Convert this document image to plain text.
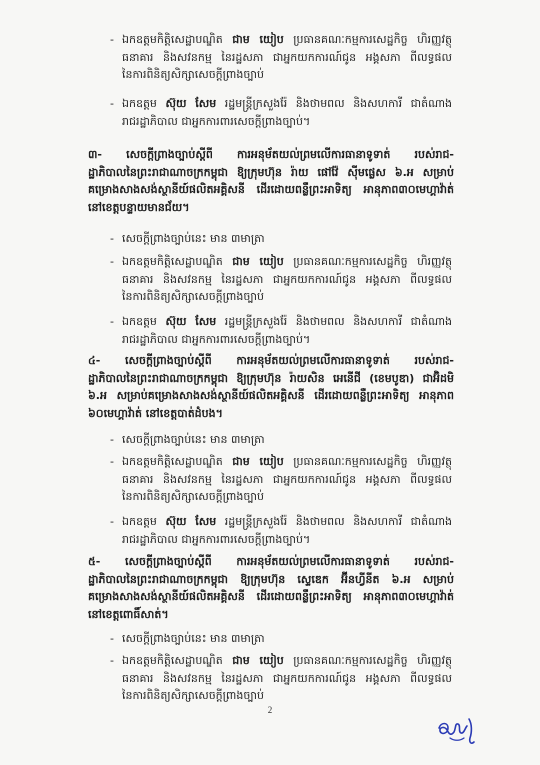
- ឯកឧត្តមកិត្តិសេដ្ឋាបណ្ឌិត ជាម យៀប ប្រធានគណៈកម្មការសេដ្ឋកិច្ច ហិរញ្ញវត្ថុ
ធនាគារ និងសវនកម្ម នៃរដ្ឋសភា ជាអ្នកយកការណ៍ជូន អង្គសភា ពីលទ្ធផល
នៃការពិនិត្យសិក្សាសេចក្តីព្រាងច្បាប់
- ឯកឧត្តម ស៊ុយ សែម រដ្ឋមន្ត្រីក្រសួងរ៉ែ និងថាមពល និងសហការី ជាតំណាង
រាជរដ្ឋាភិបាល ជាអ្នកការពារសេចក្តីព្រាងច្បាប់។
៣- សេចក្តីព្រាងច្បាប់ស្តីពី ការអនុម័តយល់ព្រមលើការធានាទូទាត់ របស់រាជ-
ដ្ឋាភិបាលនៃព្រះរាជាណាចក្រកម្ពុជា ឱ្យក្រុមហ៊ុន រ៉ាយ ផៅវ៉ែ ស៊ីមផ្លេស ៦.អ សម្រាប់
គម្រោងសាងសង់ស្ថានីយ៍ផលិតអគ្គិសនី ដើរដោយពន្លឺព្រះអាទិត្យ អានុភាព៣០មេហ្គាវ៉ាត់
នៅខេត្តបន្ទាយមានជ័យ។
- សេចក្តីព្រាងច្បាប់នេះ មាន ៣មាត្រា
- ឯកឧត្តមកិត្តិសេដ្ឋាបណ្ឌិត ជាម យៀប ប្រធានគណៈកម្មការសេដ្ឋកិច្ច ហិរញ្ញវត្ថុ
ធនាគារ និងសវនកម្ម នៃរដ្ឋសភា ជាអ្នកយកការណ៍ជូន អង្គសភា ពីលទ្ធផល
នៃការពិនិត្យសិក្សាសេចក្តីព្រាងច្បាប់
- ឯកឧត្តម ស៊ុយ សែម រដ្ឋមន្ត្រីក្រសួងរ៉ែ និងថាមពល និងសហការី ជាតំណាង
រាជរដ្ឋាភិបាល ជាអ្នកការពារសេចក្តីព្រាងច្បាប់។
៤- សេចក្តីព្រាងច្បាប់ស្តីពី ការអនុម័តយល់ព្រមលើការធានាទូទាត់ របស់រាជ-
ដ្ឋាភិបាលនៃព្រះរាជាណាចក្រកម្ពុជា ឱ្យក្រុមហ៊ុន រ៉ាយសិន អេនើជី (ខេមបូឌា) ជាអ៊ិដមិ
៦.អ សម្រាប់គម្រោងសាងសង់ស្ថានីយ៍ផលិតអគ្គិសនី ដើរដោយពន្លឺព្រះអាទិត្យ អានុភាព
៦០មេហ្គាវ៉ាត់ នៅខេត្តបាត់ដំបង។
- សេចក្តីព្រាងច្បាប់នេះ មាន ៣មាត្រា
- ឯកឧត្តមកិត្តិសេដ្ឋាបណ្ឌិត ជាម យៀប ប្រធានគណៈកម្មការសេដ្ឋកិច្ច ហិរញ្ញវត្ថុ
ធនាគារ និងសវនកម្ម នៃរដ្ឋសភា ជាអ្នកយកការណ៍ជូន អង្គសភា ពីលទ្ធផល
នៃការពិនិត្យសិក្សាសេចក្តីព្រាងច្បាប់
- ឯកឧត្តម ស៊ុយ សែម រដ្ឋមន្ត្រីក្រសួងរ៉ែ និងថាមពល និងសហការី ជាតំណាង
រាជរដ្ឋាភិបាល ជាអ្នកការពារសេចក្តីព្រាងច្បាប់។
៥- សេចក្តីព្រាងច្បាប់ស្តីពី ការអនុម័តយល់ព្រមលើការធានាទូទាត់ របស់រាជ-
ដ្ឋាភិបាលនៃព្រះរាជាណាចក្រកម្ពុជា ឱ្យក្រុមហ៊ុន ស្ទេឌេក អ៊ីនហ្វីនីត ៦.អ សម្រាប់
គម្រោងសាងសង់ស្ថានីយ៍ផលិតអគ្គិសនី ដើរដោយពន្លឺព្រះអាទិត្យ អានុភាព៣០មេហ្គាវ៉ាត់
នៅខេត្តពោធិ៍សាត់។
- សេចក្តីព្រាងច្បាប់នេះ មាន ៣មាត្រា
- ឯកឧត្តមកិត្តិសេដ្ឋាបណ្ឌិត ជាម យៀប ប្រធានគណៈកម្មការសេដ្ឋកិច្ច ហិរញ្ញវត្ថុ
ធនាគារ និងសវនកម្ម នៃរដ្ឋសភា ជាអ្នកយកការណ៍ជូន អង្គសភា ពីលទ្ធផល
នៃការពិនិត្យសិក្សាសេចក្តីព្រាងច្បាប់
2
